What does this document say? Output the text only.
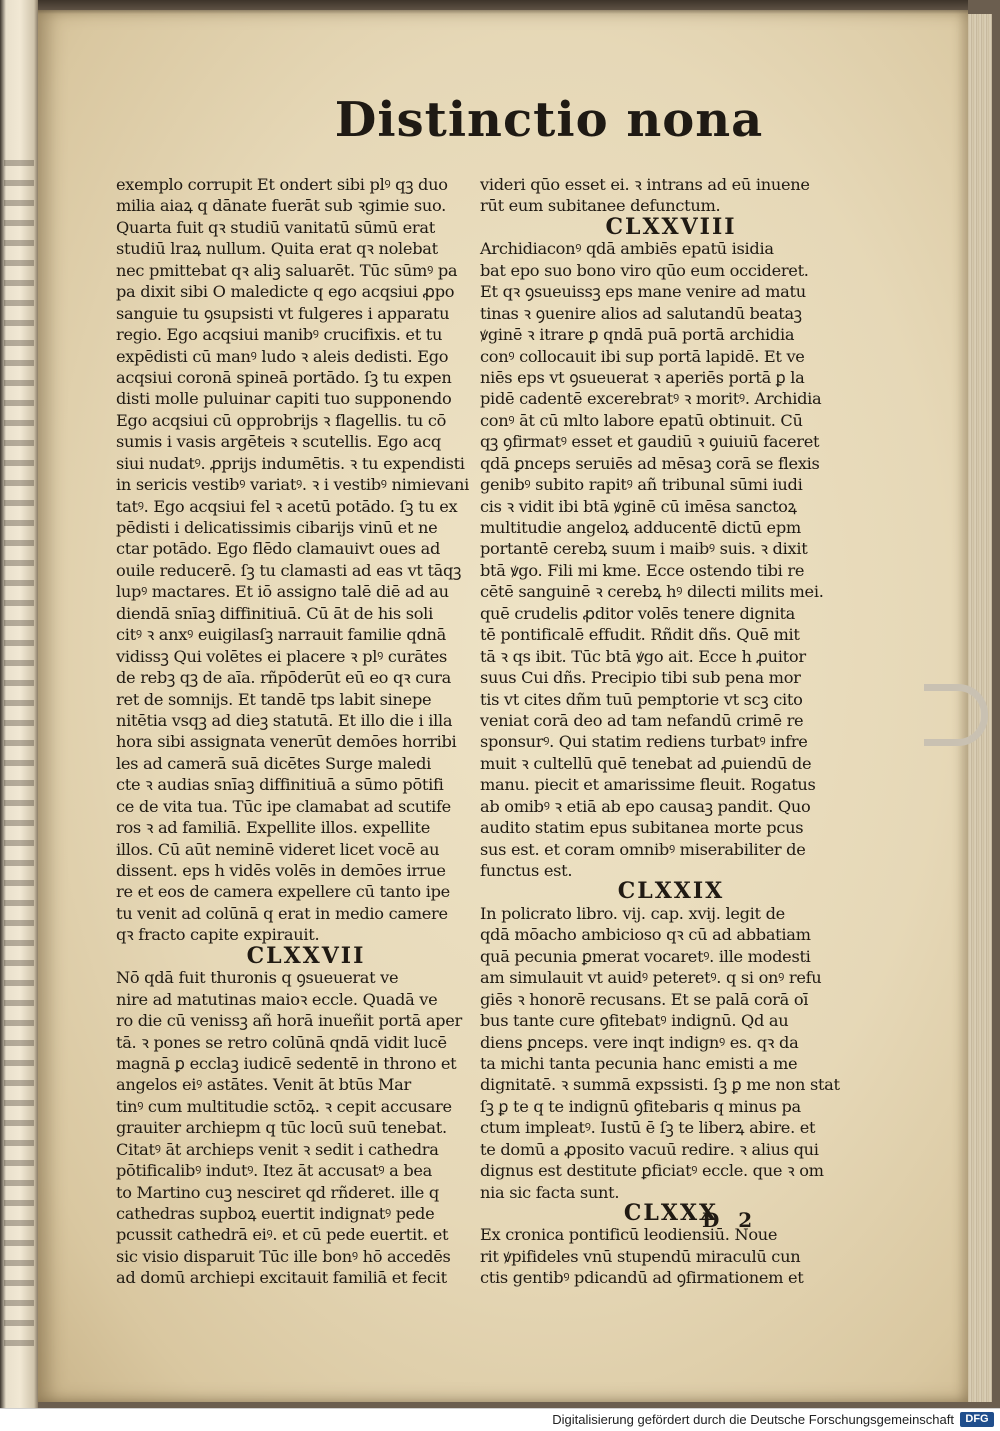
Distinctio nona
exemplo corrupit Et ondert sibi plꝰ qꝫ duo
milia aiaꝝ q dānate fuerāt sub ꝛgimie suo.
Quarta fuit qꝛ studiū vanitatū sūmū erat
studiū lraꝝ nullum. Quita erat qꝛ nolebat
nec pmittebat qꝛ aliꝫ saluarēt. Tūc sūmꝰ pa
pa dixit sibi O maledicte q ego acqsiui ꝓpo
sanguie tu ꝯsupsisti vt fulgeres i apparatu
regio. Ego acqsiui manibꝰ crucifixis. et tu
expēdisti cū manꝰ ludo ꝛ aleis dedisti. Ego
acqsiui coronā spineā portādo. ſꝫ tu expen
disti molle puluinar capiti tuo supponendo
Ego acqsiui cū opprobrijs ꝛ flagellis. tu cō
sumis i vasis argēteis ꝛ scutellis. Ego acq
siui nudatꝰ. ꝓprijs indumētis. ꝛ tu expendisti
in sericis vestibꝰ variatꝰ. ꝛ i vestibꝰ nimievani
tatꝰ. Ego acqsiui fel ꝛ acetū potādo. ſꝫ tu ex
pēdisti i delicatissimis cibarijs vinū et ne
ctar potādo. Ego flēdo clamauivt oues ad
ouile reducerē. ſꝫ tu clamasti ad eas vt tāqꝫ
lupꝰ mactares. Et iō assigno talē diē ad au
diendā snīaꝫ diffinitiuā. Cū āt de his soli
citꝰ ꝛ anxꝰ euigilasſꝫ narrauit familie qdnā
vidissꝫ Qui volētes ei placere ꝛ plꝰ curātes
de rebꝫ qꝫ de aīa. rñpōderūt eū eo qꝛ cura
ret de somnijs. Et tandē tps labit sinepe
nitētia vsqꝫ ad dieꝫ statutā. Et illo die i illa
hora sibi assignata venerūt demōes horribi
les ad camerā suā dicētes Surge maledi
cte ꝛ audias snīaꝫ diffinitiuā a sūmo pōtifi
ce de vita tua. Tūc ipe clamabat ad scutife
ros ꝛ ad familiā. Expellite illos. expellite
illos. Cū aūt neminē videret licet vocē au
dissent. eps h vidēs volēs in demōes irrue
re et eos de camera expellere cū tanto ipe
tu venit ad colūnā q erat in medio camere
qꝛ fracto capite expirauit.
CLXXVII
Nō qdā fuit thuronis q ꝯsueuerat ve
nire ad matutinas maioꝛ eccle. Quadā ve
ro die cū venissꝫ añ horā inueñit portā aper
tā. ꝛ pones se retro colūnā qndā vidit lucē
magnā ꝑ ecclaꝫ iudicē sedentē in throno et
angelos eiꝰ astātes. Venit āt btūs Mar
tinꝰ cum multitudie sctōꝝ. ꝛ cepit accusare
grauiter archiepm q tūc locū suū tenebat.
Citatꝰ āt archieps venit ꝛ sedit i cathedra
pōtificalibꝰ indutꝰ. Itez āt accusatꝰ a bea
to Martino cuꝫ nesciret qd rñderet. ille q
cathedras supboꝝ euertit indignatꝰ pede
pcussit cathedrā eiꝰ. et cū pede euertit. et
sic visio disparuit Tūc ille bonꝰ hō accedēs
ad domū archiepi excitauit familiā et fecit
videri qūo esset ei. ꝛ intrans ad eū inuene
rūt eum subitanee defunctum.
CLXXVIII
Archidiaconꝰ qdā ambiēs epatū isidia
bat epo suo bono viro qūo eum occideret.
Et qꝛ ꝯsueuissꝫ eps mane venire ad matu
tinas ꝛ ꝯuenire alios ad salutandū beataꝫ
ꝟginē ꝛ itrare ꝑ qndā puā portā archidia
conꝰ collocauit ibi sup portā lapidē. Et ve
niēs eps vt ꝯsueuerat ꝛ aperiēs portā ꝑ la
pidē cadentē excerebratꝰ ꝛ moritꝰ. Archidia
conꝰ āt cū mlto labore epatū obtinuit. Cū
qꝫ ꝯfirmatꝰ esset et gaudiū ꝛ ꝯuiuiū faceret
qdā ꝑnceps seruiēs ad mēsaꝫ corā se flexis
genibꝰ subito rapitꝰ añ tribunal sūmi iudi
cis ꝛ vidit ibi btā ꝟginē cū imēsa sanctoꝝ
multitudie angeloꝝ adducentē dictū epm
portantē cerebꝝ suum i maibꝰ suis. ꝛ dixit
btā ꝟgo. Fili mi kme. Ecce ostendo tibi re
cētē sanguinē ꝛ cerebꝝ hꝰ dilecti milits mei.
quē crudelis ꝓditor volēs tenere dignita
tē pontificalē effudit. Rñdit dñs. Quē mit
tā ꝛ qs ibit. Tūc btā ꝟgo ait. Ecce h ꝓuitor
suus Cui dñs. Precipio tibi sub pena mor
tis vt cites dñm tuū pemptorie vt scꝫ cito
veniat corā deo ad tam nefandū crimē re
sponsurꝰ. Qui statim rediens turbatꝰ infre
muit ꝛ cultellū quē tenebat ad ꝓuiendū de
manu. piecit et amarissime fleuit. Rogatus
ab omibꝰ ꝛ etiā ab epo causaꝫ pandit. Quo
audito statim epus subitanea morte pcus
sus est. et coram omnibꝰ miserabiliter de
functus est.
CLXXIX
In policrato libro. vij. cap. xvij. legit de
qdā mōacho ambicioso qꝛ cū ad abbatiam
quā pecunia ꝑmerat vocaretꝰ. ille modesti
am simulauit vt auidꝰ peteretꝰ. q si onꝰ refu
giēs ꝛ honorē recusans. Et se palā corā oī
bus tante cure ꝯfitebatꝰ indignū. Qd au
diens ꝑnceps. vere inqt indignꝰ es. qꝛ da
ta michi tanta pecunia hanc emisti a me
dignitatē. ꝛ summā expssisti. ſꝫ ꝑ me non stat
ſꝫ ꝑ te q te indignū ꝯfitebaris q minus pa
ctum impleatꝰ. Iustū ē ſꝫ te liberꝝ abire. et
te domū a ꝓposito vacuū redire. ꝛ alius qui
dignus est destitute ꝑficiatꝰ eccle. que ꝛ om
nia sic facta sunt.
CLXXX
Ex cronica pontificū leodiensiū. Noue
rit ꝟpifideles vnū stupendū miraculū cun
ctis gentibꝰ pdicandū ad ꝯfirmationem et
D 2
Digitalisierung gefördert durch die Deutsche Forschungsgemeinschaft	DFG
